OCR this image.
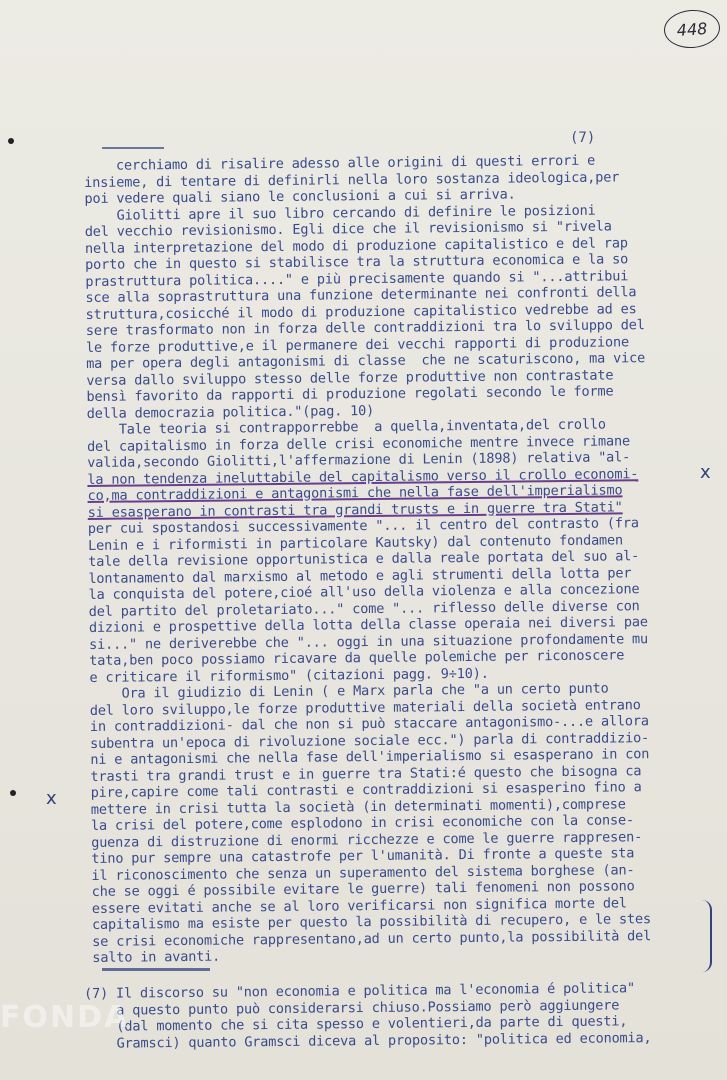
448
(7)
cerchiamo di risalire adesso alle origini di questi errori e
insieme, di tentare di definirli nella loro sostanza ideologica,per
poi vedere quali siano le conclusioni a cui si arriva.
Giolitti apre il suo libro cercando di definire le posizioni
del vecchio revisionismo. Egli dice che il revisionismo si "rivela
nella interpretazione del modo di produzione capitalistico e del rap
porto che in questo si stabilisce tra la struttura economica e la so
prastruttura politica...." e più precisamente quando si "...attribui
sce alla soprastruttura una funzione determinante nei confronti della
struttura,cosicché il modo di produzione capitalistico vedrebbe ad es
sere trasformato non in forza delle contraddizioni tra lo sviluppo del
le forze produttive,e il permanere dei vecchi rapporti di produzione
ma per opera degli antagonismi di classe  che ne scaturiscono, ma vice
versa dallo sviluppo stesso delle forze produttive non contrastate
bensì favorito da rapporti di produzione regolati secondo le forme
della democrazia politica."(pag. 10)
Tale teoria si contrapporrebbe  a quella,inventata,del crollo
del capitalismo in forza delle crisi economiche mentre invece rimane
valida,secondo Giolitti,l'affermazione di Lenin (1898) relativa "al-
la non tendenza ineluttabile del capitalismo verso il crollo economi-
co,ma contraddizioni e antagonismi che nella fase dell'imperialismo
si esasperano in contrasti tra grandi trusts e in guerre tra Stati"
per cui spostandosi successivamente "... il centro del contrasto (fra
Lenin e i riformisti in particolare Kautsky) dal contenuto fondamen
tale della revisione opportunistica e dalla reale portata del suo al-
lontanamento dal marxismo al metodo e agli strumenti della lotta per
la conquista del potere,cioé all'uso della violenza e alla concezione
del partito del proletariato..." come "... riflesso delle diverse con
dizioni e prospettive della lotta della classe operaia nei diversi pae
si..." ne deriverebbe che "... oggi in una situazione profondamente mu
tata,ben poco possiamo ricavare da quelle polemiche per riconoscere
e criticare il riformismo" (citazioni pagg. 9÷10).
Ora il giudizio di Lenin ( e Marx parla che "a un certo punto
del loro sviluppo,le forze produttive materiali della società entrano
in contraddizioni- dal che non si può staccare antagonismo-...e allora
subentra un'epoca di rivoluzione sociale ecc.") parla di contraddizio-
ni e antagonismi che nella fase dell'imperialismo si esasperano in con
trasti tra grandi trust e in guerre tra Stati:é questo che bisogna ca
pire,capire come tali contrasti e contraddizioni si esasperino fino a
mettere in crisi tutta la società (in determinati momenti),comprese
la crisi del potere,come esplodono in crisi economiche con la conse-
guenza di distruzione di enormi ricchezze e come le guerre rappresen-
tino pur sempre una catastrofe per l'umanità. Di fronte a queste sta
il riconoscimento che senza un superamento del sistema borghese (an-
che se oggi é possibile evitare le guerre) tali fenomeni non possono
essere evitati anche se al loro verificarsi non significa morte del
capitalismo ma esiste per questo la possibilità di recupero, e le stes
se crisi economiche rappresentano,ad un certo punto,la possibilità del
salto in avanti.
x
x
(7) Il discorso su "non economia e politica ma l'economia é politica"
a questo punto può considerarsi chiuso.Possiamo però aggiungere
(dal momento che si cita spesso e volentieri,da parte di questi,
Gramsci) quanto Gramsci diceva al proposito: "politica ed economia,
FONDA
